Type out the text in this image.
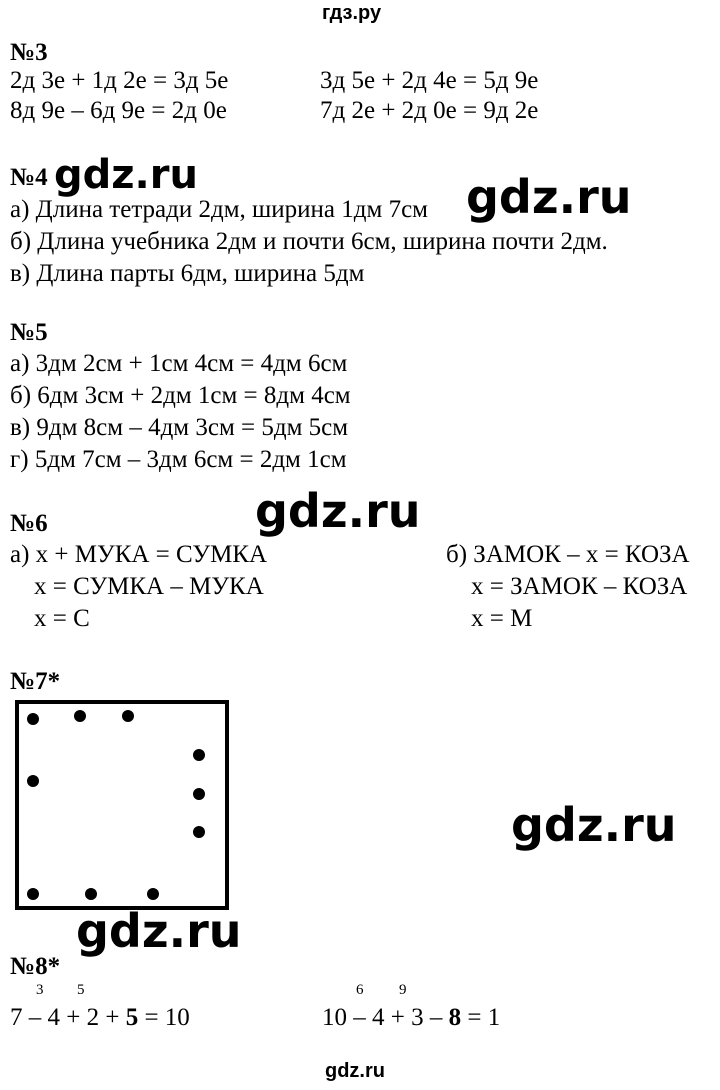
гдз.ру
№3
2д 3е + 1д 2е = 3д 5е	3д 5е + 2д 4е = 5д 9е
8д 9е – 6д 9е = 2д 0е	7д 2е + 2д 0е = 9д 2е
№4 gdz.ru
а) Длина тетради 2дм, ширина 1дм 7см gdz.ru
б) Длина учебника 2дм и почти 6см, ширина почти 2дм.
в) Длина парты 6дм, ширина 5дм
№5
а) 3дм 2см + 1см 4см = 4дм 6см
б) 6дм 3см + 2дм 1см = 8дм 4см
в) 9дм 8см – 4дм 3см = 5дм 5см
г) 5дм 7см – 3дм 6см = 2дм 1см
gdz.ru
№6
а) x + МУКА = СУМКА
x = СУМКА – МУКА
x = С
б) ЗАМОК – x = КОЗА
x = ЗАМОК – КОЗА
x = М
№7*
gdz.ru
gdz.ru
№8*
3 5
7 – 4 + 2 + 5 = 10
6 9
10 – 4 + 3 – 8 = 1
gdz.ru
